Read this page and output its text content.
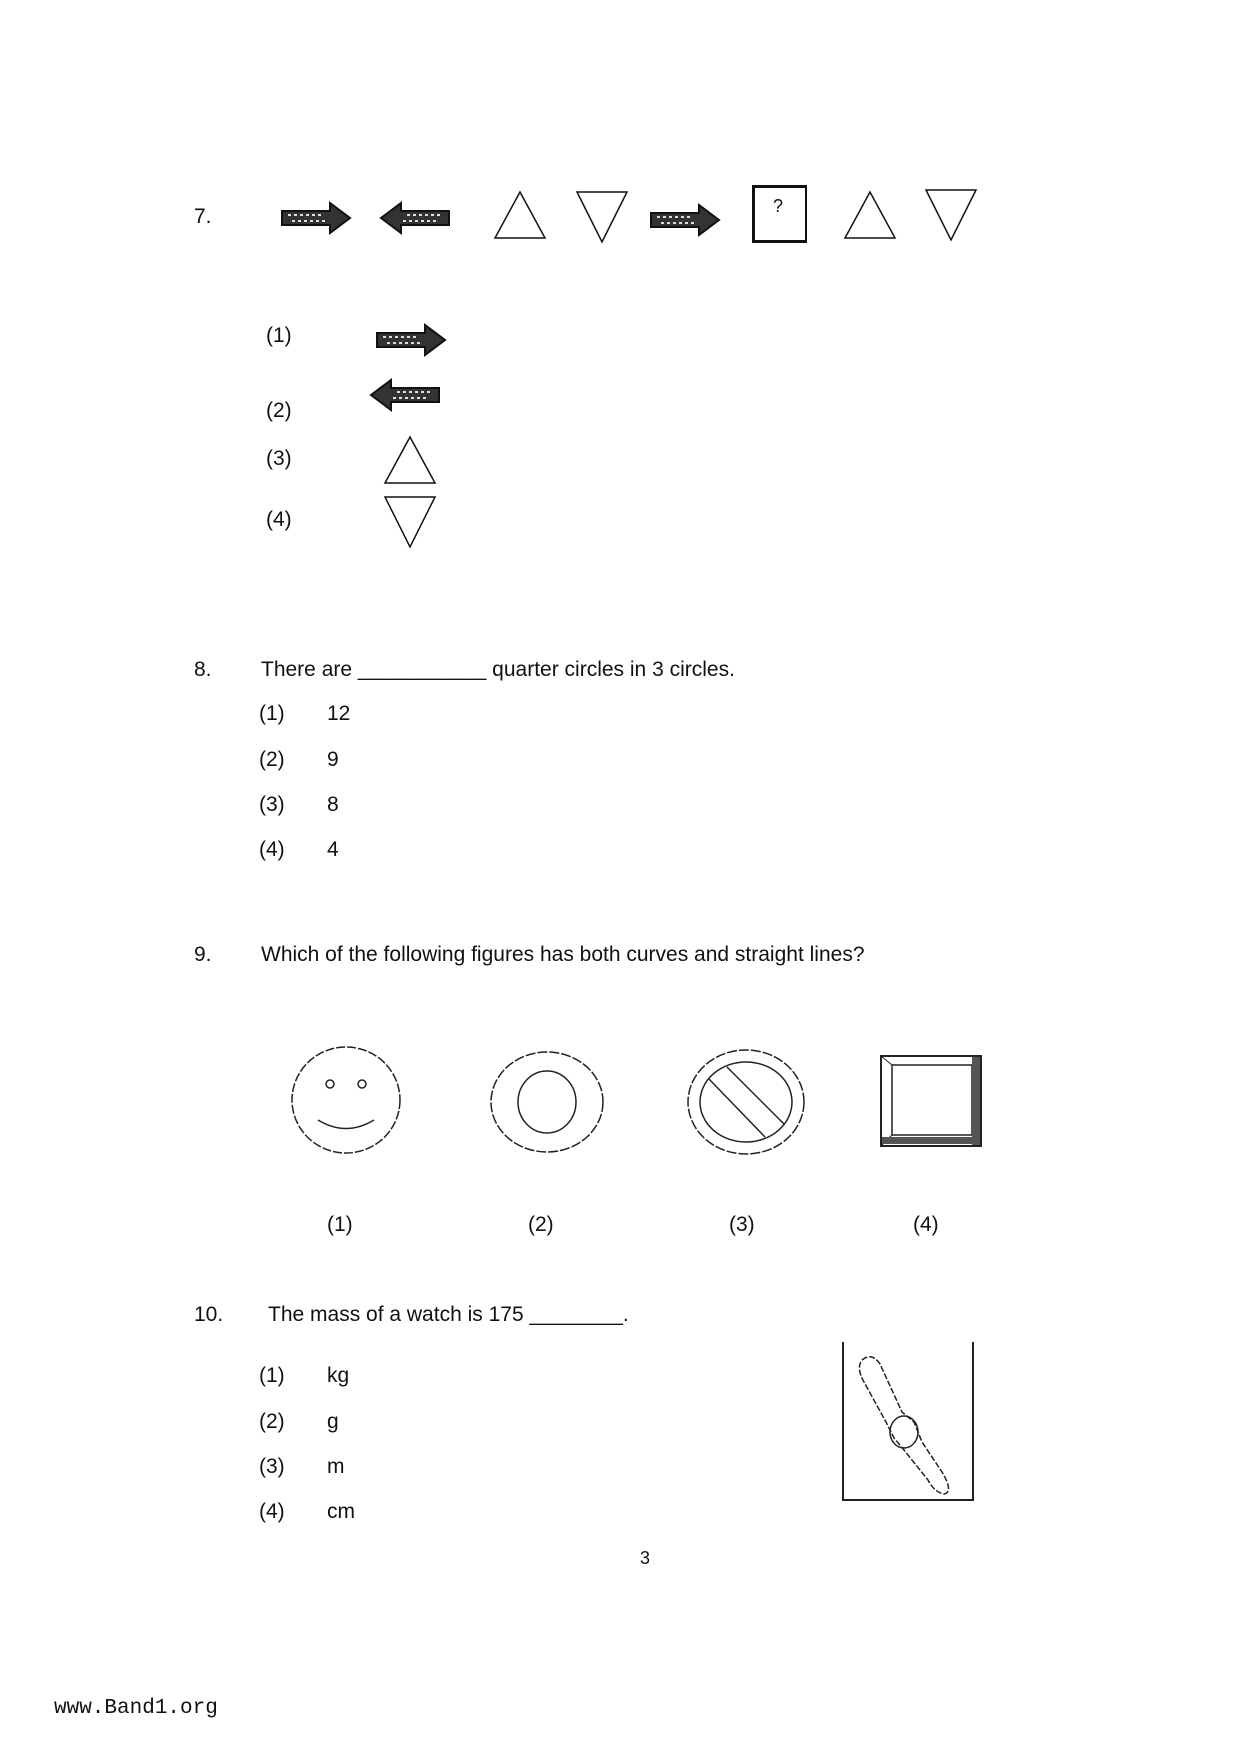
7.	?
(1)
(2)
(3)
(4)
8. There are ___________ quarter circles in 3 circles.
(1) 12
(2) 9
(3) 8
(4) 4
9. Which of the following figures has both curves and straight lines?
(1)	(2)	(3)	(4)
10. The mass of a watch is 175 ________.
(1) kg
(2) g
(3) m
(4) cm
3
www.Band1.org
